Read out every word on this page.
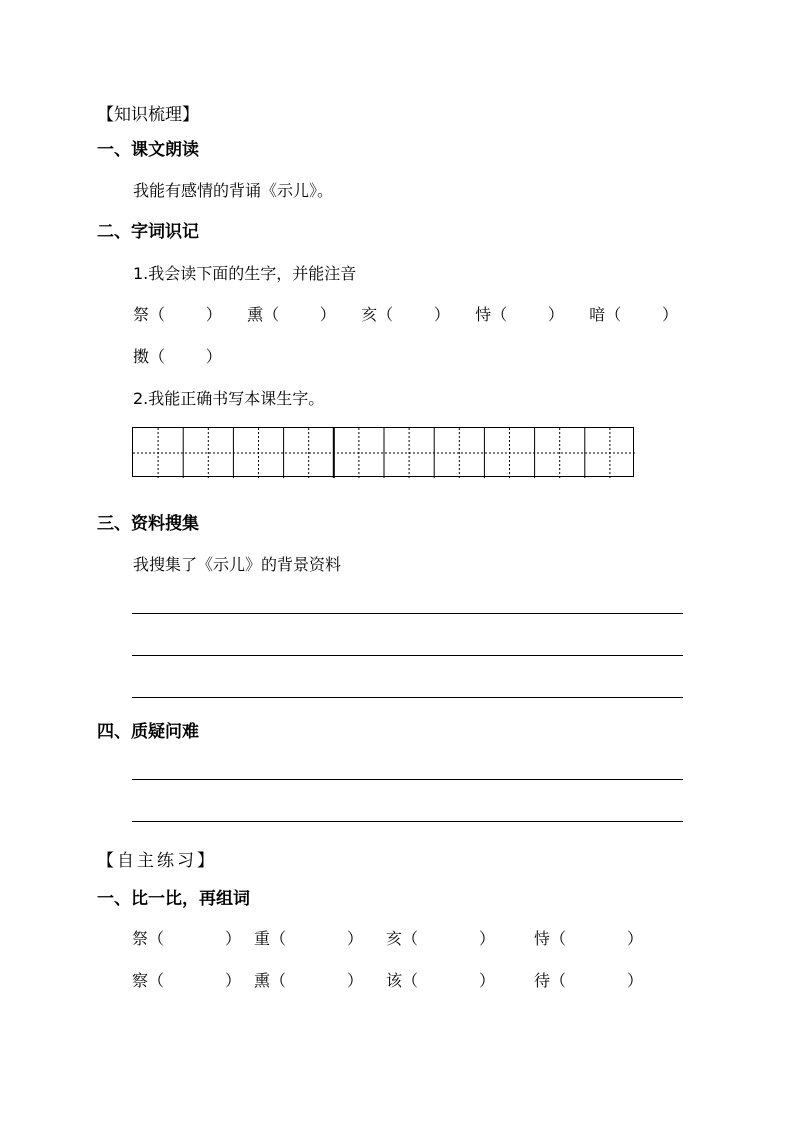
【知识梳理】
一、课文朗读
我能有感情的背诵《示儿》。
二、字词识记
1.我会读下面的生字，并能注音
祭（        ） 熏（        ） 亥（        ） 恃（        ） 喑（        ）
擞（        ）
2.我能正确书写本课生字。
三、资料搜集
我搜集了《示儿》的背景资料
四、质疑问难
【自主练习】
一、比一比，再组词
祭（            ） 重（            ） 亥（            ） 恃（            ）
察（            ） 熏（            ） 该（            ） 待（            ）
